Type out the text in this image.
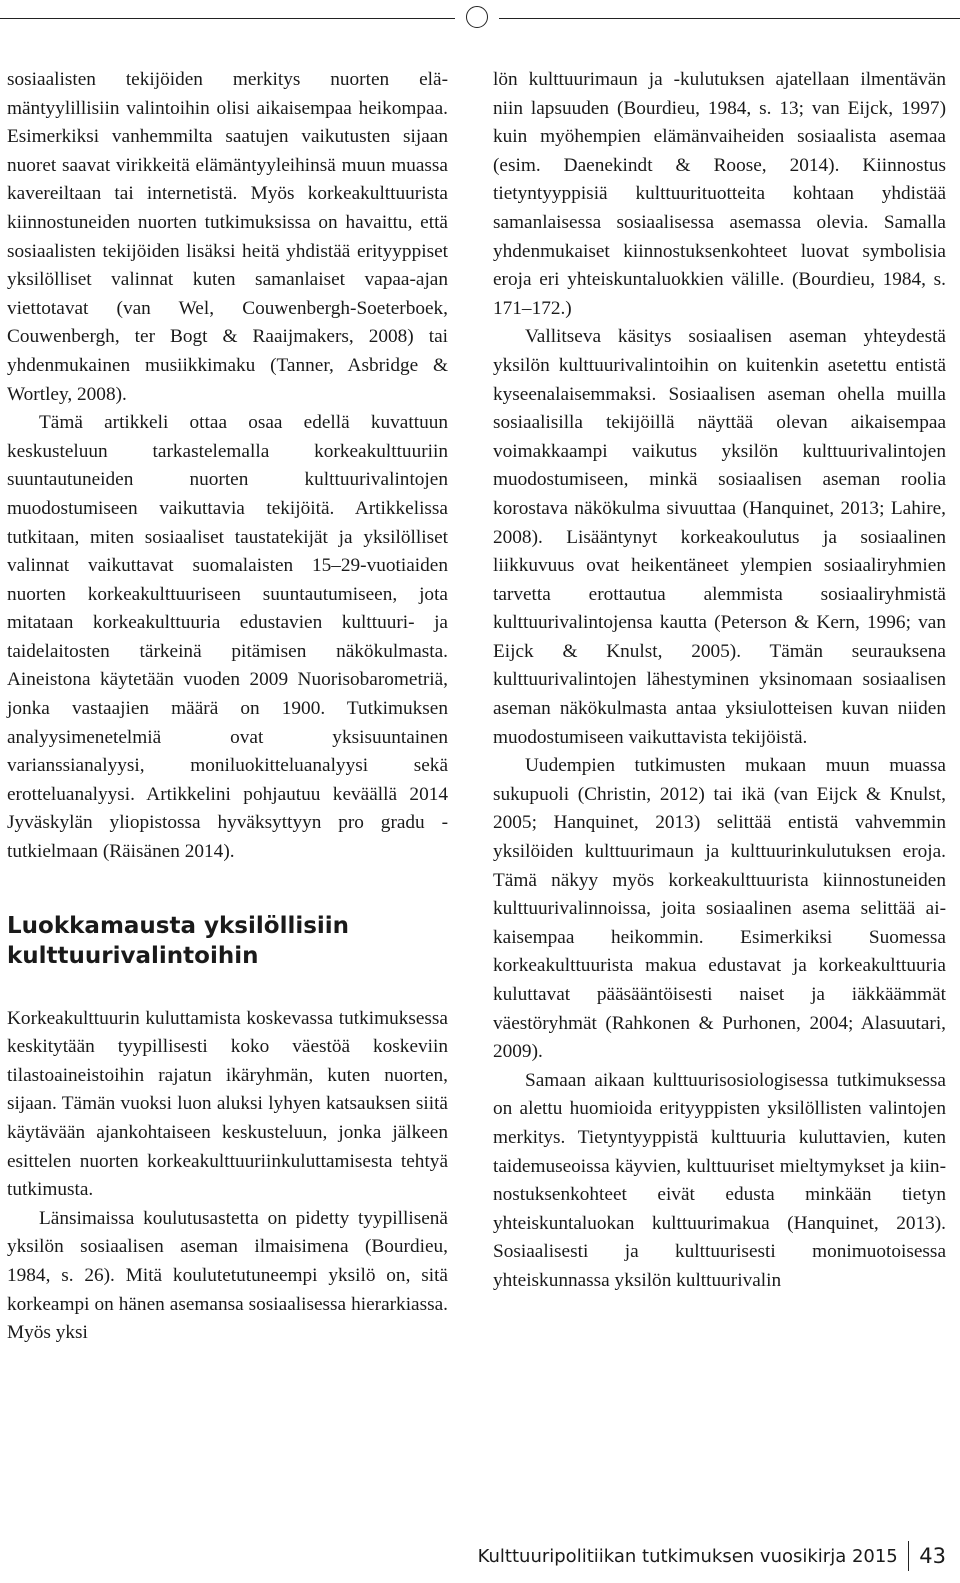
sosiaalisten tekijöiden merkitys nuorten elämäntyylillisiin valintoihin olisi aikaisempaa heikompaa. Esimerkiksi vanhemmilta saatujen vaikutusten sijaan nuoret saavat virikkeitä elämäntyyleihinsä muun muassa kavereiltaan tai internetistä. Myös korkeakulttuurista kiinnostuneiden nuorten tutkimuksissa on havaittu, että sosiaalisten tekijöiden lisäksi heitä yhdistää erityyppiset yksilölliset valinnat kuten samanlaiset vapaa-ajan viettotavat (van Wel, Couwenbergh-Soeterboek, Couwenbergh, ter Bogt & Raaijmakers, 2008) tai yhdenmukainen musiikkimaku (Tanner, Asbridge & Wortley, 2008).

Tämä artikkeli ottaa osaa edellä kuvattuun keskusteluun tarkastelemalla korkeakulttuuriin suuntautuneiden nuorten kulttuurivalintojen muodostumiseen vaikuttavia tekijöitä. Artikkelissa tutkitaan, miten sosiaaliset taustatekijät ja yksilölliset valinnat vaikuttavat suomalaisten 15–29-vuotiaiden nuorten korkeakulttuuriseen suuntautumiseen, jota mitataan korkeakulttuuria edustavien kulttuuri- ja taidelaitosten tärkeinä pitämisen näkökulmasta. Aineistona käytetään vuoden 2009 Nuorisobarometriä, jonka vastaajien määrä on 1900. Tutkimuksen analyysimenetelmiä ovat yksisuuntainen varianssianalyysi, moniluokitteluanalyysi sekä erotteluanalyysi. Artikkelini pohjautuu keväällä 2014 Jyväskylän yliopistossa hyväksyttyyn pro gradu -tutkielmaan (Räisänen 2014).

Luokkamausta yksilöllisiin kulttuurivalintoihin

Korkeakulttuurin kuluttamista koskevassa tutkimuksessa keskitytään tyypillisesti koko väestöä koskeviin tilastoaineistoihin rajatun ikäryhmän, kuten nuorten, sijaan. Tämän vuoksi luon aluksi lyhyen katsauksen siitä käytävään ajankohtaiseen keskusteluun, jonka jälkeen esittelen nuorten korkeakulttuuriinkuluttamisesta tehtyä tutkimusta.

Länsimaissa koulutusastetta on pidetty tyypillisenä yksilön sosiaalisen aseman ilmaisimena (Bourdieu, 1984, s. 26). Mitä koulutetutuneempi yksilö on, sitä korkeampi on hänen asemansa sosiaalisessa hierarkiassa. Myös yksi

lön kulttuurimaun ja -kulutuksen ajatellaan ilmentävän niin lapsuuden (Bourdieu, 1984, s. 13; van Eijck, 1997) kuin myöhempien elämänvaiheiden sosiaalista asemaa (esim. Daenekindt & Roose, 2014). Kiinnostus tietyntyyppisiä kulttuurituotteita kohtaan yhdistää samanlaisessa sosiaalisessa asemassa olevia. Samalla yhdenmukaiset kiinnostuksenkohteet luovat symbolisia eroja eri yhteiskuntaluokkien välille. (Bourdieu, 1984, s. 171–172.)

Vallitseva käsitys sosiaalisen aseman yhteydestä yksilön kulttuurivalintoihin on kuitenkin asetettu entistä kyseenalaisemmaksi. Sosiaalisen aseman ohella muilla sosiaalisilla tekijöillä näyttää olevan aikaisempaa voimakkaampi vaikutus yksilön kulttuurivalintojen muodostumiseen, minkä sosiaalisen aseman roolia korostava näkökulma sivuuttaa (Hanquinet, 2013; Lahire, 2008). Lisääntynyt korkeakoulutus ja sosiaalinen liikkuvuus ovat heikentäneet ylempien sosiaaliryhmien tarvetta erottautua alemmista sosiaaliryhmistä kulttuurivalintojensa kautta (Peterson & Kern, 1996; van Eijck & Knulst, 2005). Tämän seurauksena kulttuurivalintojen lähestyminen yksinomaan sosiaalisen aseman näkökulmasta antaa yksiulotteisen kuvan niiden muodostumiseen vaikuttavista tekijöistä.

Uudempien tutkimusten mukaan muun muassa sukupuoli (Christin, 2012) tai ikä (van Eijck & Knulst, 2005; Hanquinet, 2013) selittää entistä vahvemmin yksilöiden kulttuurimaun ja kulttuurinkulutuksen eroja. Tämä näkyy myös korkeakulttuurista kiinnostuneiden kulttuurivalinnoissa, joita sosiaalinen asema selittää aikaisempaa heikommin. Esimerkiksi Suomessa korkeakulttuurista makua edustavat ja korkeakulttuuria kuluttavat pääsääntöisesti naiset ja iäkkäämmät väestöryhmät (Rahkonen & Purhonen, 2004; Alasuutari, 2009).

Samaan aikaan kulttuurisosiologisessa tutkimuksessa on alettu huomioida erityyppisten yksilöllisten valintojen merkitys. Tietyntyyppistä kulttuuria kuluttavien, kuten taidemuseoissa käyvien, kulttuuriset mieltymykset ja kiinnostuksenkohteet eivät edusta minkään tietyn yhteiskuntaluokan kulttuurimakua (Hanquinet, 2013). Sosiaalisesti ja kulttuurisesti monimuotoisessa yhteiskunnassa yksilön kulttuurivalin

Kulttuuripolitiikan tutkimuksen vuosikirja 2015 43
